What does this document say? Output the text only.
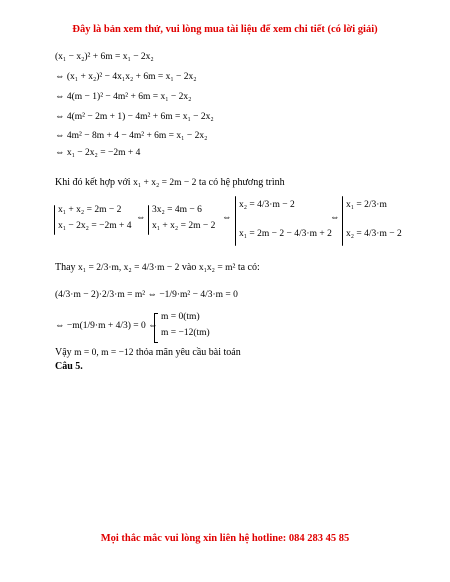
Đây là bản xem thử, vui lòng mua tài liệu để xem chi tiết (có lời giải)
(x₁ − x₂)² + 6m = x₁ − 2x₂
⇔ (x₁ + x₂)² − 4x₁x₂ + 6m = x₁ − 2x₂
⇔ 4(m − 1)² − 4m² + 6m = x₁ − 2x₂
⇔ 4(m² − 2m + 1) − 4m² + 6m = x₁ − 2x₂
⇔ 4m² − 8m + 4 − 4m² + 6m = x₁ − 2x₂
⇔ x₁ − 2x₂ = −2m + 4
Khi đó kết hợp với x₁ + x₂ = 2m − 2 ta có hệ phương trình
x₁ + x₂ = 2m − 2
x₁ − 2x₂ = −2m + 4
⇔
3x₂ = 4m − 6
x₁ + x₂ = 2m − 2
⇔
x₂ = 4/3·m − 2
x₁ = 2m − 2 − 4/3·m + 2
⇔
x₁ = 2/3·m
x₂ = 4/3·m − 2
Thay x₁ = 2/3·m, x₂ = 4/3·m − 2 vào x₁x₂ = m² ta có:
(4/3·m − 2)·2/3·m = m² ⇔ −1/9·m² − 4/3·m = 0
⇔ −m(1/9·m + 4/3) = 0 ⇔
m = 0(tm)
m = −12(tm)
Vậy m = 0, m = −12 thỏa mãn yêu cầu bài toán
Câu 5.
Mọi thắc mắc vui lòng xin liên hệ hotline: 084 283 45 85
